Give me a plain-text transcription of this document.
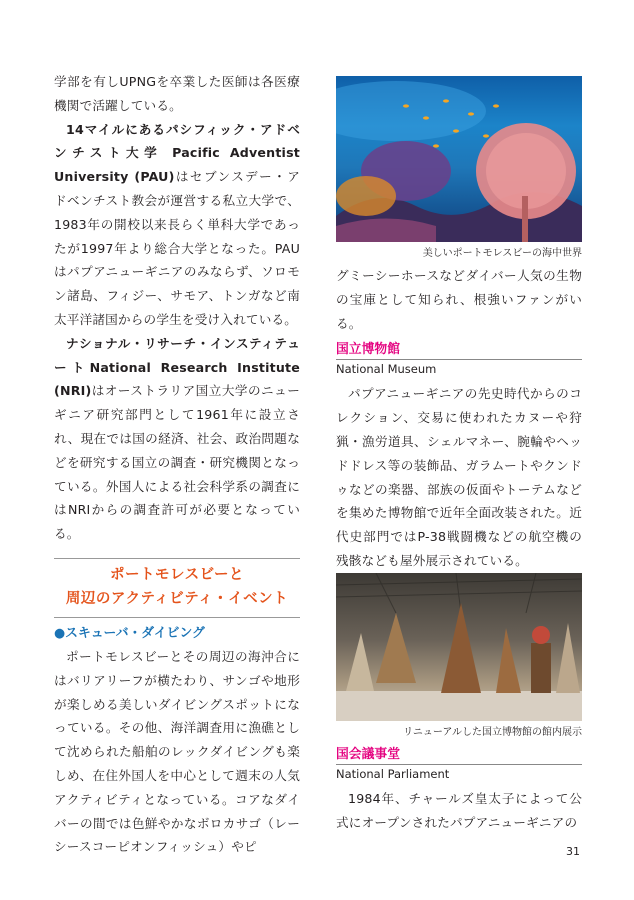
学部を有しUPNGを卒業した医師は各医療機関で活躍している。

14マイルにあるパシフィック・アドベンチスト大学 Pacific Adventist University (PAU)はセブンスデー・アドベンチスト教会が運営する私立大学で、1983年の開校以来長らく単科大学であったが1997年より総合大学となった。PAUはパプアニューギニアのみならず、ソロモン諸島、フィジー、サモア、トンガなど南太平洋諸国からの学生を受け入れている。

ナショナル・リサーチ・インスティテュートNational Research Institute (NRI)はオーストラリア国立大学のニューギニア研究部門として1961年に設立され、現在では国の経済、社会、政治問題などを研究する国立の調査・研究機関となっている。外国人による社会科学系の調査にはNRIからの調査許可が必要となっている。

ポートモレスビーと
周辺のアクティビティ・イベント
●スキューバ・ダイビング

ポートモレスビーとその周辺の海沖合にはバリアリーフが横たわり、サンゴや地形が楽しめる美しいダイビングスポットになっている。その他、海洋調査用に漁礁として沈められた船舶のレックダイビングも楽しめ、在住外国人を中心として週末の人気アクティビティとなっている。コアなダイバーの間では色鮮やかなボロカサゴ（レーシースコーピオンフィッシュ）やピ

美しいポートモレスビーの海中世界

グミーシーホースなどダイバー人気の生物の宝庫として知られ、根強いファンがいる。

国立博物館
National Museum

パプアニューギニアの先史時代からのコレクション、交易に使われたカヌーや狩猟・漁労道具、シェルマネー、腕輪やヘッドドレス等の装飾品、ガラムートやクンドゥなどの楽器、部族の仮面やトーテムなどを集めた博物館で近年全面改装された。近代史部門ではP-38戦闘機などの航空機の残骸なども屋外展示されている。

リニューアルした国立博物館の館内展示
国会議事堂
National Parliament

1984年、チャールズ皇太子によって公式にオープンされたパプアニューギニアの

31
